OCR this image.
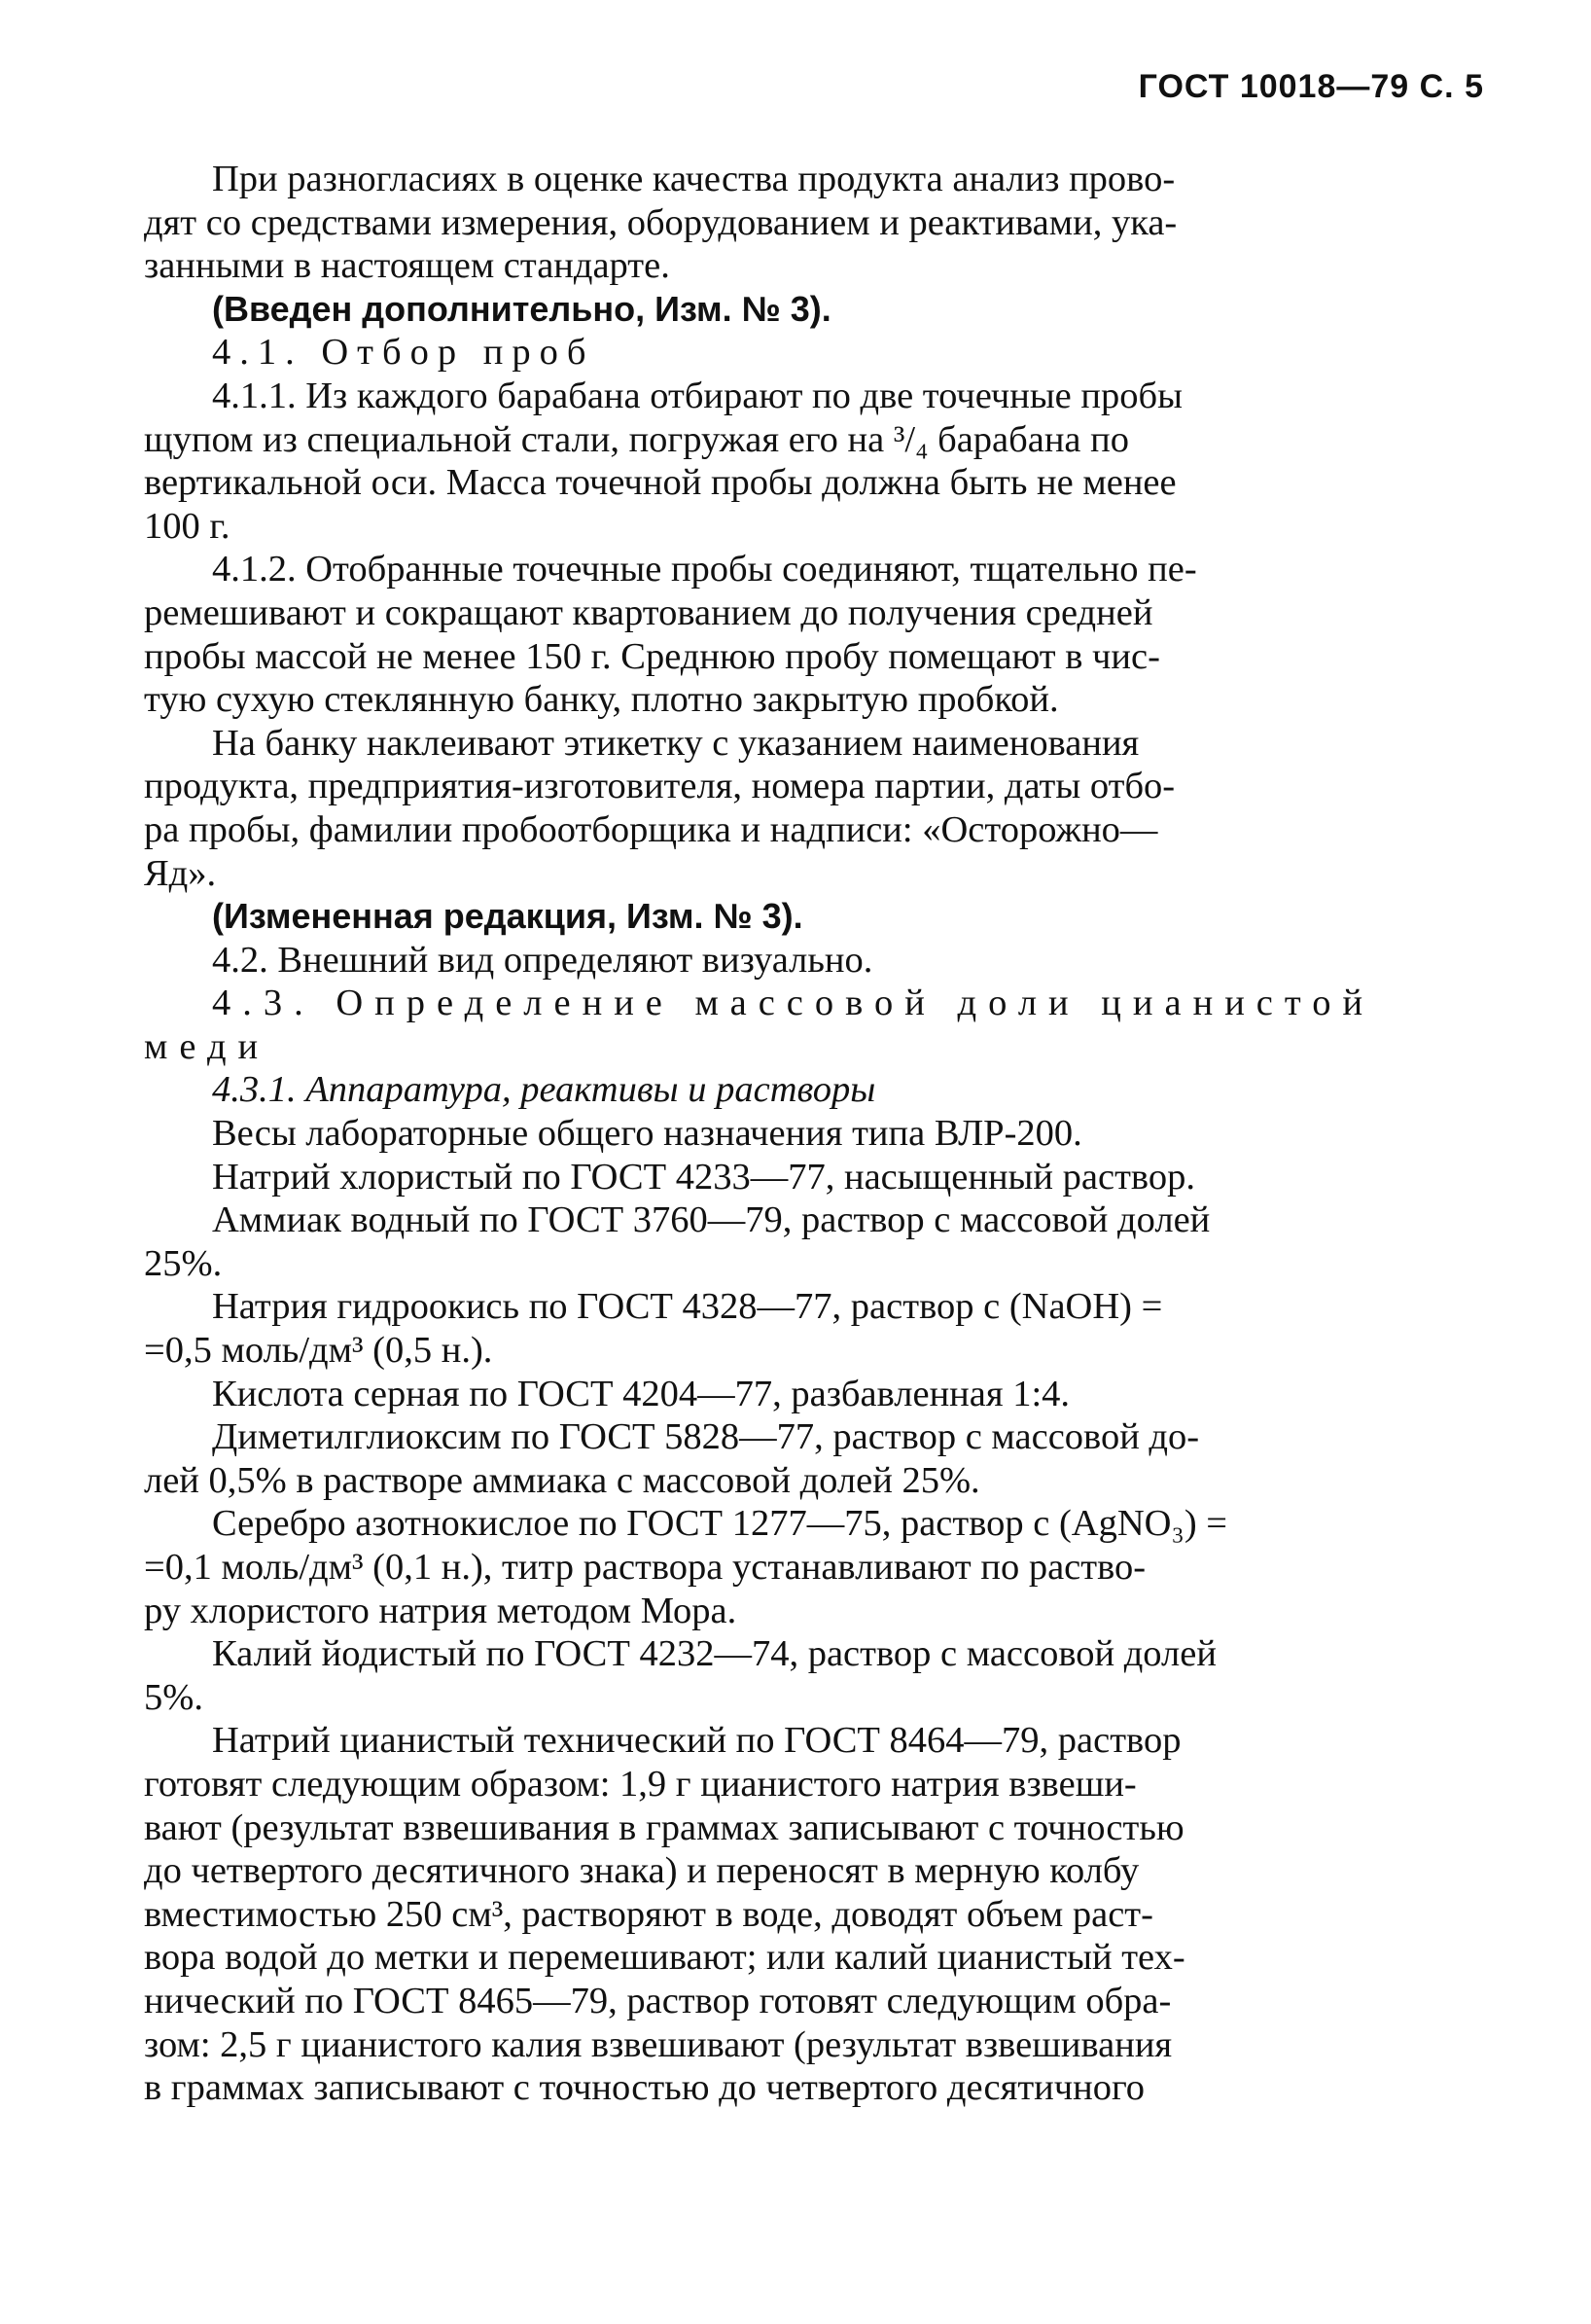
ГОСТ 10018—79 С. 5
При разногласиях в оценке качества продукта анализ прово-
дят со средствами измерения, оборудованием и реактивами, ука-
занными в настоящем стандарте.
(Введен дополнительно, Изм. № 3).
4.1. Отбор проб
4.1.1. Из каждого барабана отбирают по две точечные пробы
щупом из специальной стали, погружая его на ³/₄ барабана по
вертикальной оси. Масса точечной пробы должна быть не менее
100 г.
4.1.2. Отобранные точечные пробы соединяют, тщательно пе-
ремешивают и сокращают квартованием до получения средней
пробы массой не менее 150 г. Среднюю пробу помещают в чис-
тую сухую стеклянную банку, плотно закрытую пробкой.
На банку наклеивают этикетку с указанием наименования
продукта, предприятия-изготовителя, номера партии, даты отбо-
ра пробы, фамилии пробоотборщика и надписи: «Осторожно—
Яд».
(Измененная редакция, Изм. № 3).
4.2. Внешний вид определяют визуально.
4.3. Определение массовой доли цианистой
меди
4.3.1. Аппаратура, реактивы и растворы
Весы лабораторные общего назначения типа ВЛР-200.
Натрий хлористый по ГОСТ 4233—77, насыщенный раствор.
Аммиак водный по ГОСТ 3760—79, раствор с массовой долей
25%.
Натрия гидроокись по ГОСТ 4328—77, раствор с (NaOH) =
=0,5 моль/дм³ (0,5 н.).
Кислота серная по ГОСТ 4204—77, разбавленная 1:4.
Диметилглиоксим по ГОСТ 5828—77, раствор с массовой до-
лей 0,5% в растворе аммиака с массовой долей 25%.
Серебро азотнокислое по ГОСТ 1277—75, раствор с (AgNO₃) =
=0,1 моль/дм³ (0,1 н.), титр раствора устанавливают по раство-
ру хлористого натрия методом Мора.
Калий йодистый по ГОСТ 4232—74, раствор с массовой долей
5%.
Натрий цианистый технический по ГОСТ 8464—79, раствор
готовят следующим образом: 1,9 г цианистого натрия взвеши-
вают (результат взвешивания в граммах записывают с точностью
до четвертого десятичного знака) и переносят в мерную колбу
вместимостью 250 см³, растворяют в воде, доводят объем раст-
вора водой до метки и перемешивают; или калий цианистый тех-
нический по ГОСТ 8465—79, раствор готовят следующим обра-
зом: 2,5 г цианистого калия взвешивают (результат взвешивания
в граммах записывают с точностью до четвертого десятичного
